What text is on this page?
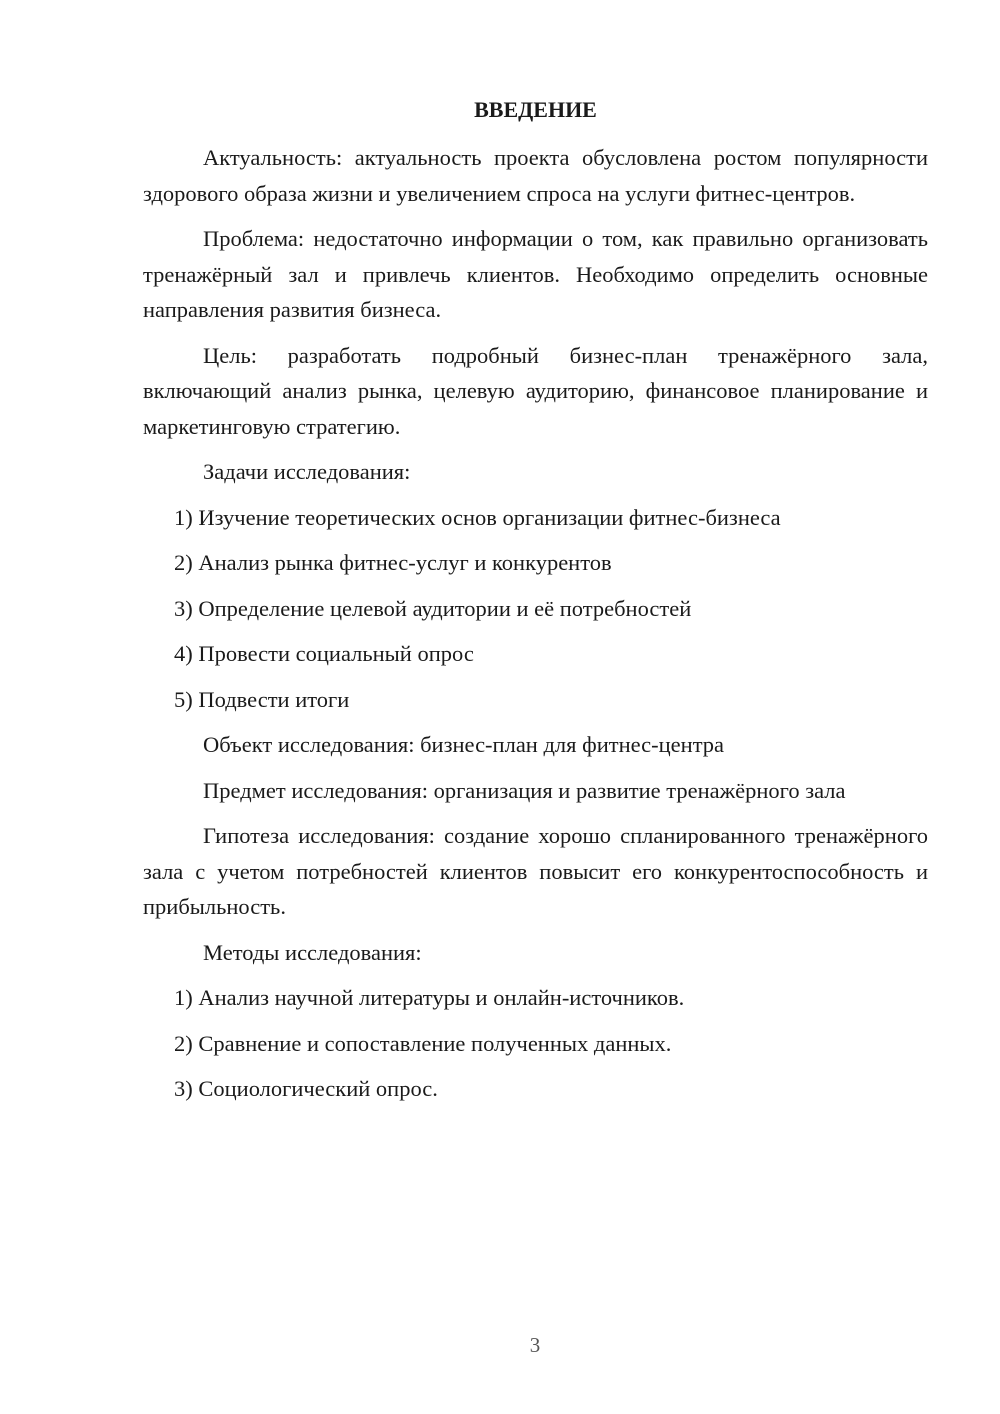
ВВЕДЕНИЕ

Актуальность: актуальность проекта обусловлена ростом популярности здорового образа жизни и увеличением спроса на услуги фитнес-центров.

Проблема: недостаточно информации о том, как правильно организовать тренажёрный зал и привлечь клиентов. Необходимо определить основные направления развития бизнеса.

Цель: разработать подробный бизнес-план тренажёрного зала, включающий анализ рынка, целевую аудиторию, финансовое планирование и маркетинговую стратегию.

Задачи исследования:
1) Изучение теоретических основ организации фитнес-бизнеса
2) Анализ рынка фитнес-услуг и конкурентов
3) Определение целевой аудитории и её потребностей
4) Провести социальный опрос
5) Подвести итоги
Объект исследования: бизнес-план для фитнес-центра
Предмет исследования: организация и развитие тренажёрного зала

Гипотеза исследования: создание хорошо спланированного тренажёрного зала с учетом потребностей клиентов повысит его конкурентоспособность и прибыльность.

Методы исследования:
1) Анализ научной литературы и онлайн-источников.
2) Сравнение и сопоставление полученных данных.
3) Социологический опрос.
3
